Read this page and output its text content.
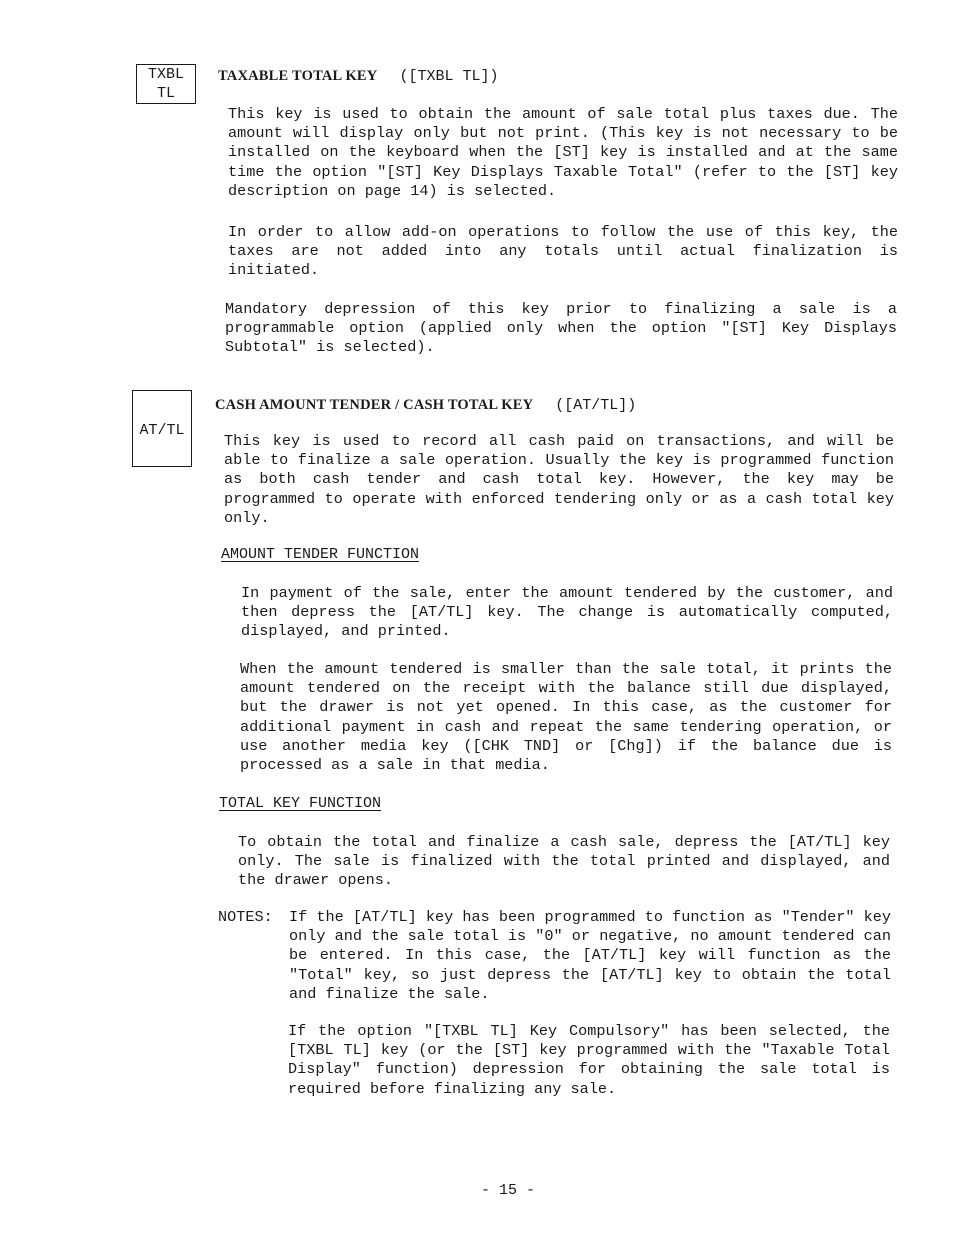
TXBL
TL
TAXABLE TOTAL KEY ([TXBL TL])
This key is used to obtain the amount of sale total plus taxes due. The amount will display only but not print. (This key is not necessary to be installed on the keyboard when the [ST] key is installed and at the same time the option "[ST] Key Displays Taxable Total" (refer to the [ST] key description on page 14) is selected.
In order to allow add-on operations to follow the use of this key, the taxes are not added into any totals until actual finalization is initiated.
Mandatory depression of this key prior to finalizing a sale is a programmable option (applied only when the option "[ST] Key Displays Subtotal" is selected).
AT/TL
CASH AMOUNT TENDER / CASH TOTAL KEY ([AT/TL])
This key is used to record all cash paid on transactions, and will be able to finalize a sale operation. Usually the key is programmed function as both cash tender and cash total key. However, the key may be programmed to operate with enforced tendering only or as a cash total key only.
AMOUNT TENDER FUNCTION
In payment of the sale, enter the amount tendered by the customer, and then depress the [AT/TL] key. The change is automatically computed, displayed, and printed.
When the amount tendered is smaller than the sale total, it prints the amount tendered on the receipt with the balance still due displayed, but the drawer is not yet opened. In this case, as the customer for additional payment in cash and repeat the same tendering operation, or use another media key ([CHK TND] or [Chg]) if the balance due is processed as a sale in that media.
TOTAL KEY FUNCTION
To obtain the total and finalize a cash sale, depress the [AT/TL] key only. The sale is finalized with the total printed and displayed, and the drawer opens.
NOTES: If the [AT/TL] key has been programmed to function as "Tender" key only and the sale total is "0" or negative, no amount tendered can be entered. In this case, the [AT/TL] key will function as the "Total" key, so just depress the [AT/TL] key to obtain the total and finalize the sale.
If the option "[TXBL TL] Key Compulsory" has been selected, the [TXBL TL] key (or the [ST] key programmed with the "Taxable Total Display" function) depression for obtaining the sale total is required before finalizing any sale.
- 15 -
